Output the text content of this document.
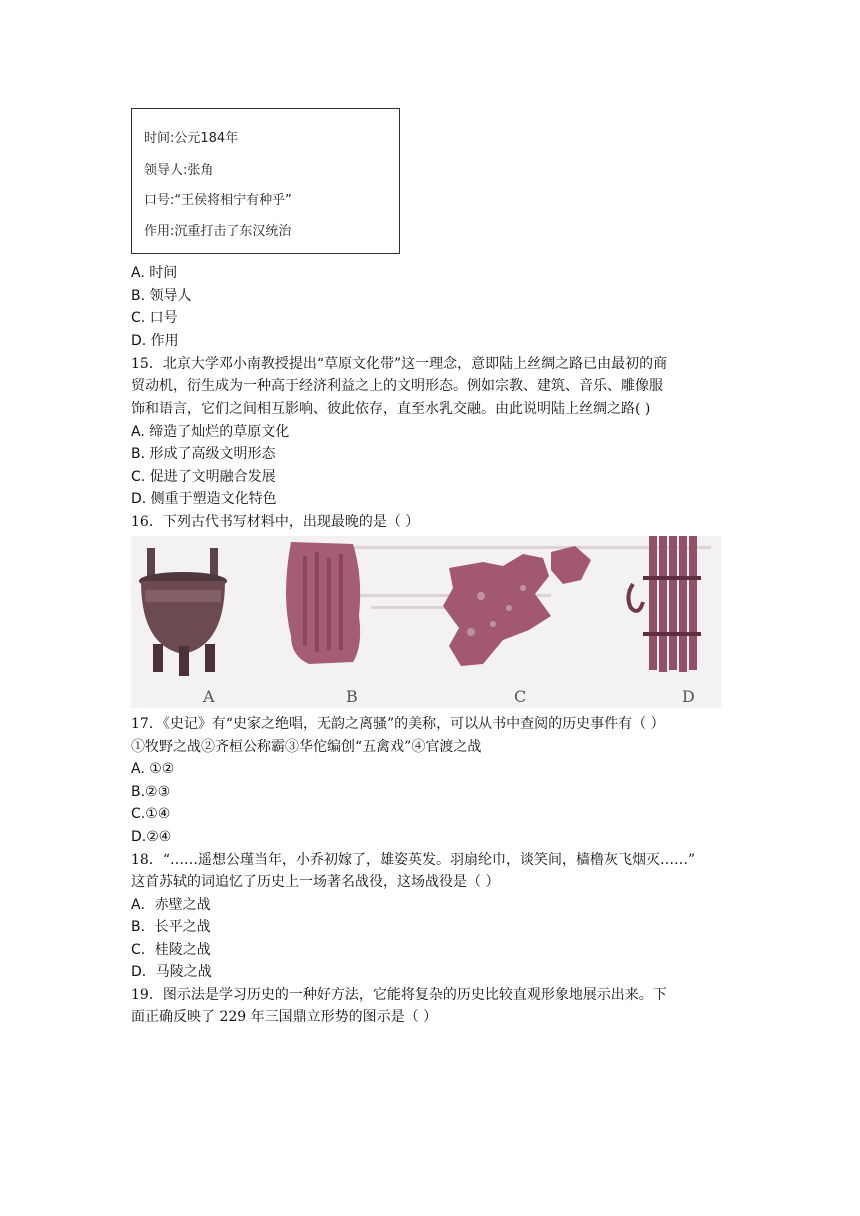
时间:公元184年
领导人:张角
口号:“王侯将相宁有种乎”
作用:沉重打击了东汉统治
A. 时间
B. 领导人
C. 口号
D. 作用
15．北京大学邓小南教授提出“草原文化带”这一理念，意即陆上丝绸之路已由最初的商
贸动机，衍生成为一种高于经济利益之上的文明形态。例如宗教、建筑、音乐、雕像服
饰和语言，它们之间相互影响、彼此依存，直至水乳交融。由此说明陆上丝绸之路( )
A. 缔造了灿烂的草原文化
B. 形成了高级文明形态
C. 促进了文明融合发展
D. 侧重于塑造文化特色
16．下列古代书写材料中，出现最晚的是（ ）
A	B	C	D
17．《史记》有“史家之绝唱，无韵之离骚”的美称，可以从书中查阅的历史事件有（ ）
①牧野之战②齐桓公称霸③华佗编创“五禽戏”④官渡之战
A. ①②
B.②③
C.①④
D.②④
18．“……遥想公瑾当年，小乔初嫁了，雄姿英发。羽扇纶巾，谈笑间，樯橹灰飞烟灭……”
这首苏轼的词追忆了历史上一场著名战役，这场战役是（ ）
A．赤壁之战
B．长平之战
C．桂陵之战
D．马陵之战
19．图示法是学习历史的一种好方法，它能将复杂的历史比较直观形象地展示出来。下
面正确反映了 229 年三国鼎立形势的图示是（ ）
